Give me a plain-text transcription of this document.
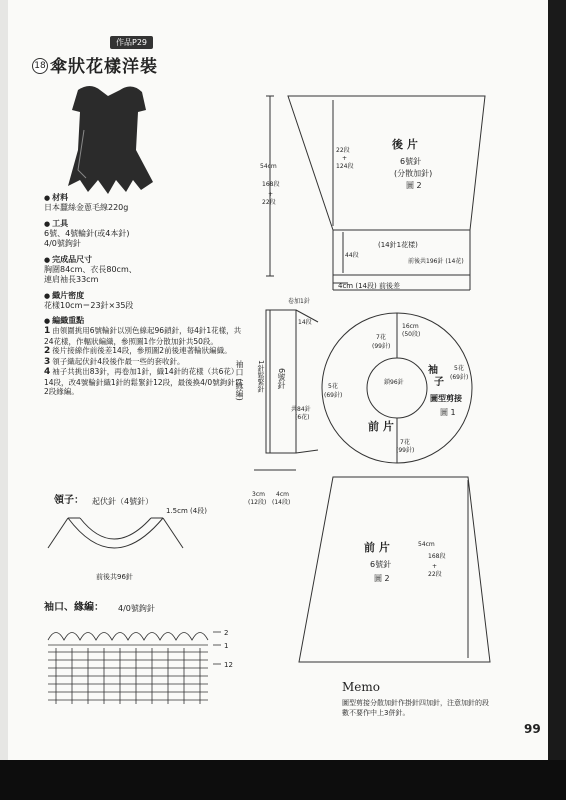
作品P29
18 傘狀花樣洋裝
● 材料
日本蠶絲金蔥毛線220g
● 工具
6號、4號輪針(或4本針)
4/0號鉤針
● 完成品尺寸
胸圍84cm、衣長80cm、
連肩袖長33cm
● 織片密度
花樣10cm＝23針×35段
● 編織重點
1 由領圍挑用6號輪針以別色線起96鎖針，每4針1花樣，共24花樣，作輻狀編織，參照圖1作分散加針共50段。
2 後片接線作前後差14段，參照圖2前後連著輪狀編織。
3 領子織起伏針4段後作最一些的套收針。
4 袖子共挑出83針，再卷加1針，織14針的花樣（共6花）14段，改4號輪針織1針的鬆緊針12段，最後換4/0號鉤針以2段緣編。
領子： 起伏針（4號針）
1.5cm (4段)
前後共96針
袖口、緣編： 4/0號鉤針
2
1
12
後 片
6號針
(分散加針)
圖 2
22段
+
124段
54cm
168段
+
22段
(14針1花樣)
44段
前後共196針 (14花)
4cm (14段) 前後差
16cm
(50段)
7花
(99針)
鎖96針
5花
(69針)
袖
子
5花
(69針)
圖型剪接
圖 1
前 片
7花
(99針)
卷加1針
14段
袖口 (緣編) 1針鬆緊針 6號針
共84針
(6花)
3cm
(12段)
4cm
(14段)
前 片
6號針
圖 2
54cm
168段
+
22段
Memo
圖型剪接分散加針作掛針四加針，注意加針的段
數不要作中上3併針。
99
